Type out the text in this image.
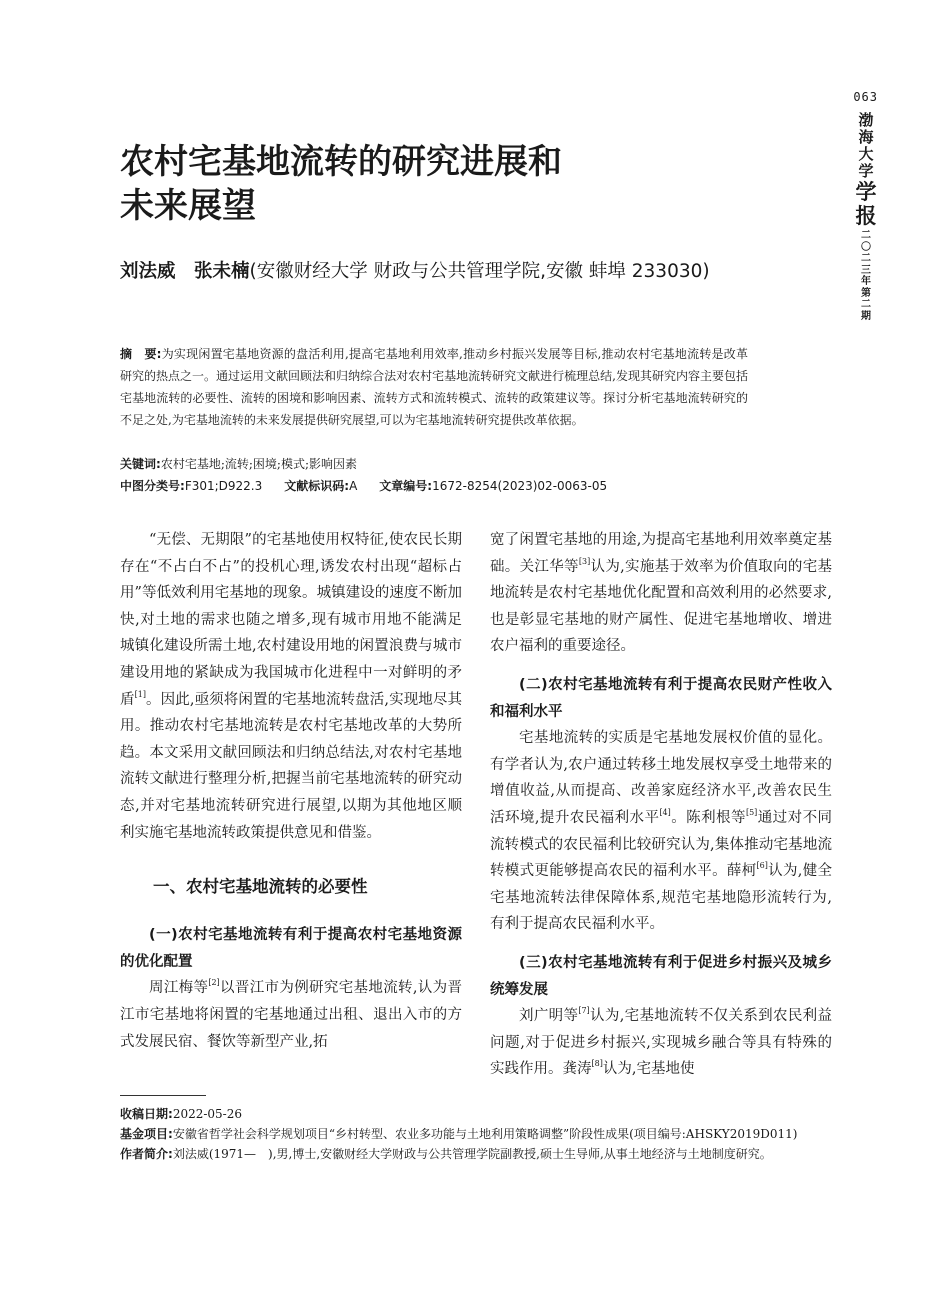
063
渤海大学
学报
二〇二三年第二期
农村宅基地流转的研究进展和
未来展望
刘法威　张未楠(安徽财经大学 财政与公共管理学院,安徽 蚌埠 233030)
摘　要:为实现闲置宅基地资源的盘活利用,提高宅基地利用效率,推动乡村振兴发展等目标,推动农村宅基地流转是改革研究的热点之一。通过运用文献回顾法和归纳综合法对农村宅基地流转研究文献进行梳理总结,发现其研究内容主要包括宅基地流转的必要性、流转的困境和影响因素、流转方式和流转模式、流转的政策建议等。探讨分析宅基地流转研究的不足之处,为宅基地流转的未来发展提供研究展望,可以为宅基地流转研究提供改革依据。
关键词:农村宅基地;流转;困境;模式;影响因素
中图分类号:F301;D922.3 文献标识码:A 文章编号:1672-8254(2023)02-0063-05

“无偿、无期限”的宅基地使用权特征,使农民长期存在“不占白不占”的投机心理,诱发农村出现“超标占用”等低效利用宅基地的现象。城镇建设的速度不断加快,对土地的需求也随之增多,现有城市用地不能满足城镇化建设所需土地,农村建设用地的闲置浪费与城市建设用地的紧缺成为我国城市化进程中一对鲜明的矛盾[1]。因此,亟须将闲置的宅基地流转盘活,实现地尽其用。推动农村宅基地流转是农村宅基地改革的大势所趋。本文采用文献回顾法和归纳总结法,对农村宅基地流转文献进行整理分析,把握当前宅基地流转的研究动态,并对宅基地流转研究进行展望,以期为其他地区顺利实施宅基地流转政策提供意见和借鉴。

一、农村宅基地流转的必要性
(一)农村宅基地流转有利于提高农村宅基地资源的优化配置

周江梅等[2]以晋江市为例研究宅基地流转,认为晋江市宅基地将闲置的宅基地通过出租、退出入市的方式发展民宿、餐饮等新型产业,拓

宽了闲置宅基地的用途,为提高宅基地利用效率奠定基础。关江华等[3]认为,实施基于效率为价值取向的宅基地流转是农村宅基地优化配置和高效利用的必然要求,也是彰显宅基地的财产属性、促进宅基地增收、增进农户福利的重要途径。

(二)农村宅基地流转有利于提高农民财产性收入和福利水平

宅基地流转的实质是宅基地发展权价值的显化。有学者认为,农户通过转移土地发展权享受土地带来的增值收益,从而提高、改善家庭经济水平,改善农民生活环境,提升农民福利水平[4]。陈利根等[5]通过对不同流转模式的农民福利比较研究认为,集体推动宅基地流转模式更能够提高农民的福利水平。薛柯[6]认为,健全宅基地流转法律保障体系,规范宅基地隐形流转行为,有利于提高农民福利水平。

(三)农村宅基地流转有利于促进乡村振兴及城乡统筹发展

刘广明等[7]认为,宅基地流转不仅关系到农民利益问题,对于促进乡村振兴,实现城乡融合等具有特殊的实践作用。龚涛[8]认为,宅基地使

收稿日期:2022-05-26
基金项目:安徽省哲学社会科学规划项目“乡村转型、农业多功能与土地利用策略调整”阶段性成果(项目编号:AHSKY2019D011)
作者简介:刘法威(1971—　),男,博士,安徽财经大学财政与公共管理学院副教授,硕士生导师,从事土地经济与土地制度研究。
